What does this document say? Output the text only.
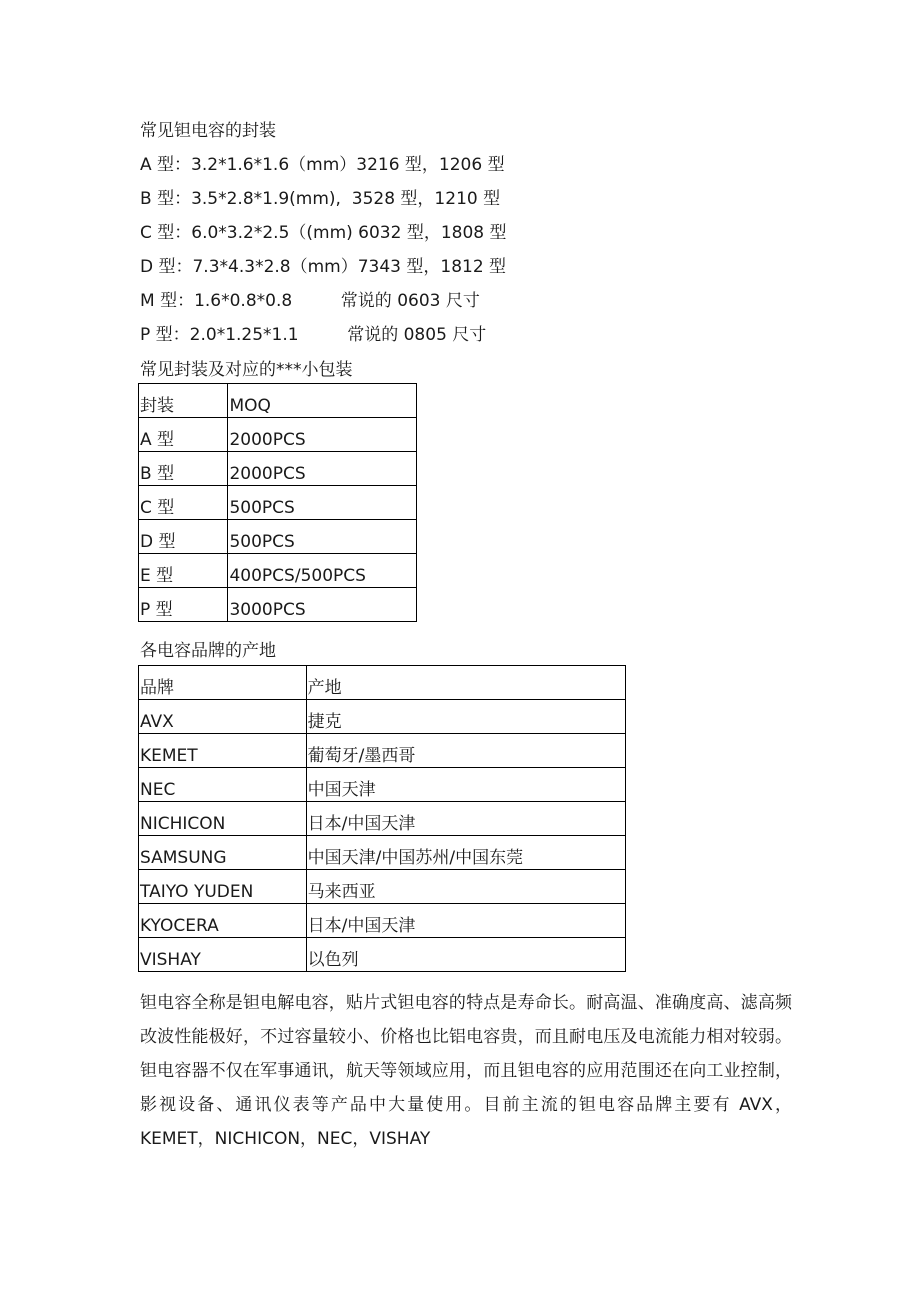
常见钽电容的封装
A 型：3.2*1.6*1.6（mm）3216 型，1206 型
B 型：3.5*2.8*1.9(mm),  3528 型，1210 型
C 型：6.0*3.2*2.5（(mm) 6032 型，1808 型
D 型：7.3*4.3*2.8（mm）7343 型，1812 型
M 型：1.6*0.8*0.8         常说的 0603 尺寸
P 型：2.0*1.25*1.1         常说的 0805 尺寸
常见封装及对应的***小包装
封装	MOQ
A 型	2000PCS
B 型	2000PCS
C 型	500PCS
D 型	500PCS
E 型	400PCS/500PCS
P 型	3000PCS
各电容品牌的产地
品牌	产地
AVX	捷克
KEMET	葡萄牙/墨西哥
NEC	中国天津
NICHICON	日本/中国天津
SAMSUNG	中国天津/中国苏州/中国东莞
TAIYO YUDEN	马来西亚
KYOCERA	日本/中国天津
VISHAY	以色列
钽电容全称是钽电解电容，贴片式钽电容的特点是寿命长。耐高温、准确度高、滤高频改波性能极好，不过容量较小、价格也比铝电容贵，而且耐电压及电流能力相对较弱。钽电容器不仅在军事通讯，航天等领域应用，而且钽电容的应用范围还在向工业控制，影视设备、通讯仪表等产品中大量使用。目前主流的钽电容品牌主要有 AVX，KEMET，NICHICON，NEC，VISHAY
